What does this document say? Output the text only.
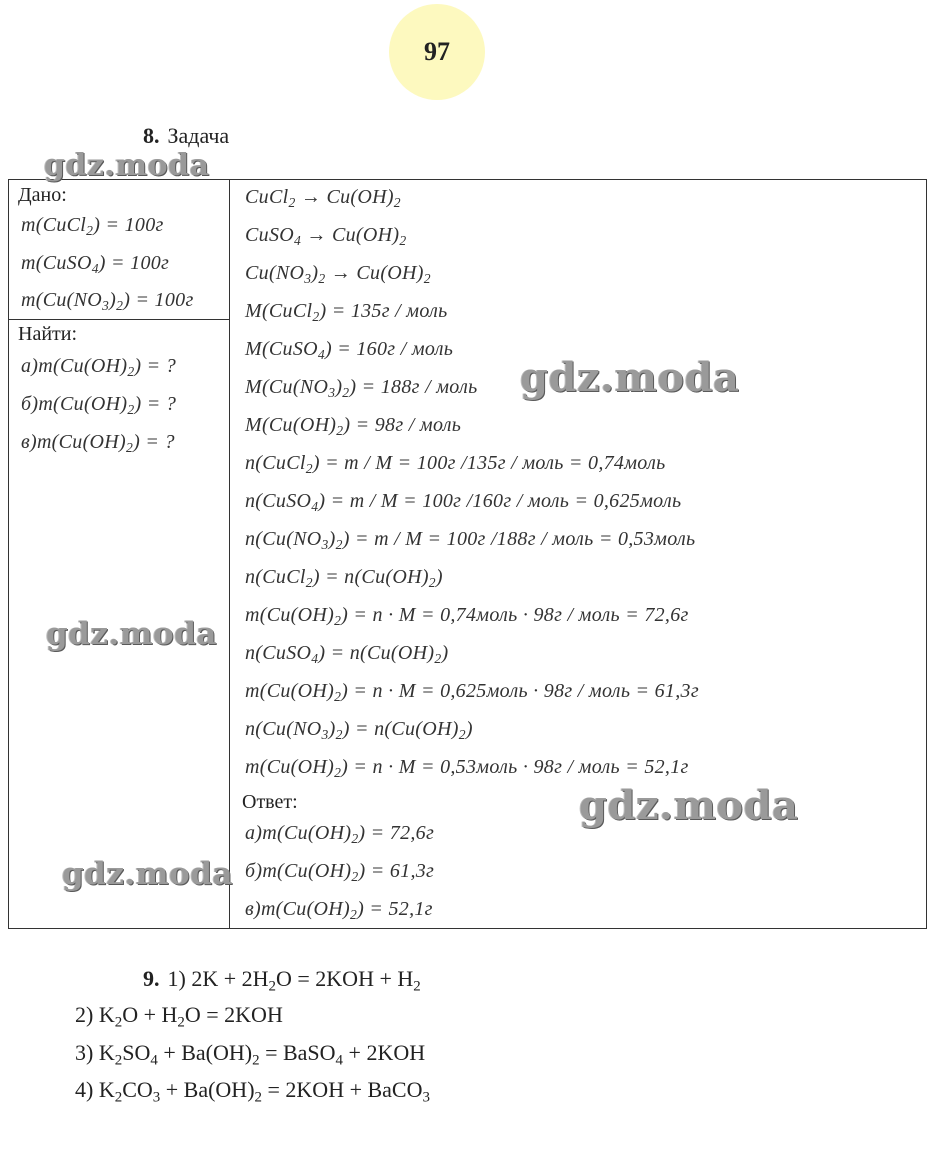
97
8. Задача
Дано:
m(CuCl$_2$) = 100г
m(CuSO$_4$) = 100г
$m(Cu(NO_3)_2) = 100г$
Найти:
$а)m(Cu(OH)_2)$ = ?
$б)m(Cu(OH)_2)$ = ?
$в)m(Cu(OH)_2)$ = ?
CuCl$_2$ → $Cu(OH)_2$
CuSO$_4$ → $Cu(OH)_2$
$Cu(NO_3)_2 \to Cu(OH)_2$
M(CuCl$_2$) = 135г / моль
M(CuSO$_4$) = 160г / моль
$M(Cu(NO_3)_2) = 188г$ / моль
$M(Cu(OH)_2) = 98г$ / моль
n(CuCl$_2$) = m / M = 100г /135г / моль = 0,74моль
n(CuSO$_4$) = m / M = 100г /160г / моль = 0,625моль
$n(Cu(NO_3)_2) = m / M = 100г$ /188г / моль = 0,53моль
n(CuCl$_2$) = $n(Cu(OH)_2)$
$m(Cu(OH)_2) = n \cdot M$ = 0,74моль · 98г / моль = 72,6г
n(CuSO$_4$) = $n(Cu(OH)_2)$
$m(Cu(OH)_2) = n \cdot M$ = 0,625моль · 98г / моль = 61,3г
$n(Cu(NO_3)_2) = n(Cu(OH)_2)$
$m(Cu(OH)_2) = n \cdot M$ = 0,53моль · 98г / моль = 52,1г
Ответ:
$а)m(Cu(OH)_2) = 72,6г$
$б)m(Cu(OH)_2) = 61,3г$
$в)m(Cu(OH)_2) = 52,1г$
gdz.moda
gdz.moda
gdz.moda
gdz.moda
gdz.moda
9. 1) $2K + 2H_2O = 2KOH + H_2$
2) $K_2O + H_2O = 2KOH$
3) $K_2SO_4 + Ba(OH)_2$ = BaSO$_4$ + 2KOH
4) $K_2CO_3 + Ba(OH)_2 = 2KOH$ + BaCO$_3$
